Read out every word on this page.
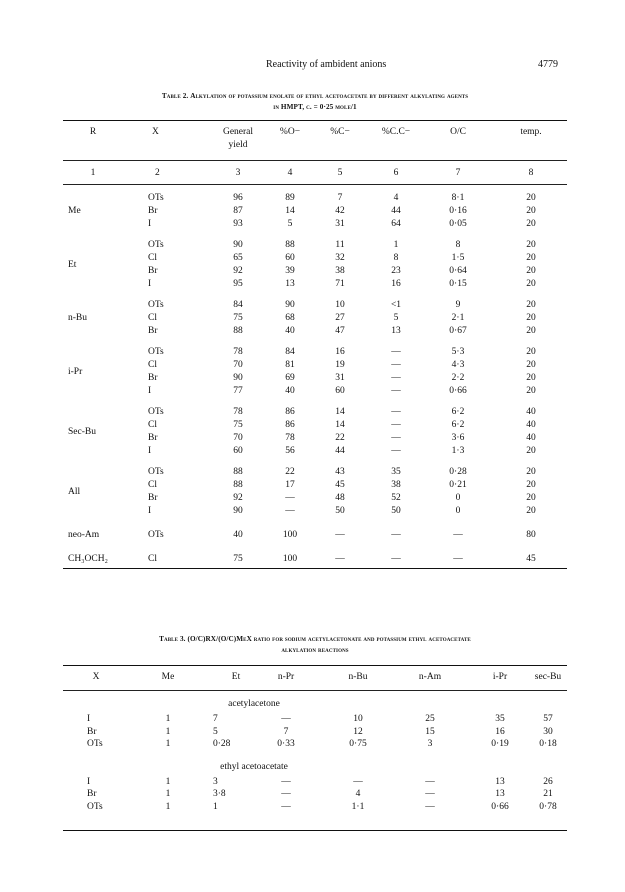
Reactivity of ambident anions	4779
Table 2. Alkylation of potassium enolate of ethyl acetoacetate by different alkylating agents
in HMPT, c. = 0·25 mole/1
R	X	General	%O−	%C−	%C.C−	O/C	temp.
yield
1	2	3	4	5	6	7	8
Me
OTs	96	89	7	4	8·1	20
Br	87	14	42	44	0·16	20
I	93	5	31	64	0·05	20
Et
OTs	90	88	11	1	8	20
Cl	65	60	32	8	1·5	20
Br	92	39	38	23	0·64	20
I	95	13	71	16	0·15	20
n-Bu
OTs	84	90	10	<1	9	20
Cl	75	68	27	5	2·1	20
Br	88	40	47	13	0·67	20
i-Pr
OTs	78	84	16	—	5·3	20
Cl	70	81	19	—	4·3	20
Br	90	69	31	—	2·2	20
I	77	40	60	—	0·66	20
Sec-Bu
OTs	78	86	14	—	6·2	40
Cl	75	86	14	—	6·2	40
Br	70	78	22	—	3·6	40
I	60	56	44	—	1·3	20
All
OTs	88	22	43	35	0·28	20
Cl	88	17	45	38	0·21	20
Br	92	—	48	52	0	20
I	90	—	50	50	0	20
neo-Am	OTs	40	100	—	—	—	80
CH₃OCH₂	Cl	75	100	—	—	—	45
Table 3. (O/C)RX/(O/C)MeX ratio for sodium acetylacetonate and potassium ethyl acetoacetate
alkylation reactions
X	Me	Et	n-Pr	n-Bu	n-Am	i-Pr	sec-Bu
acetylacetone
I	1	7	—	10	25	35	57
Br	1	5	7	12	15	16	30
OTs	1	0·28	0·33	0·75	3	0·19	0·18
ethyl acetoacetate
I	1	3	—	—	—	13	26
Br	1	3·8	—	4	—	13	21
OTs	1	1	—	1·1	—	0·66	0·78
